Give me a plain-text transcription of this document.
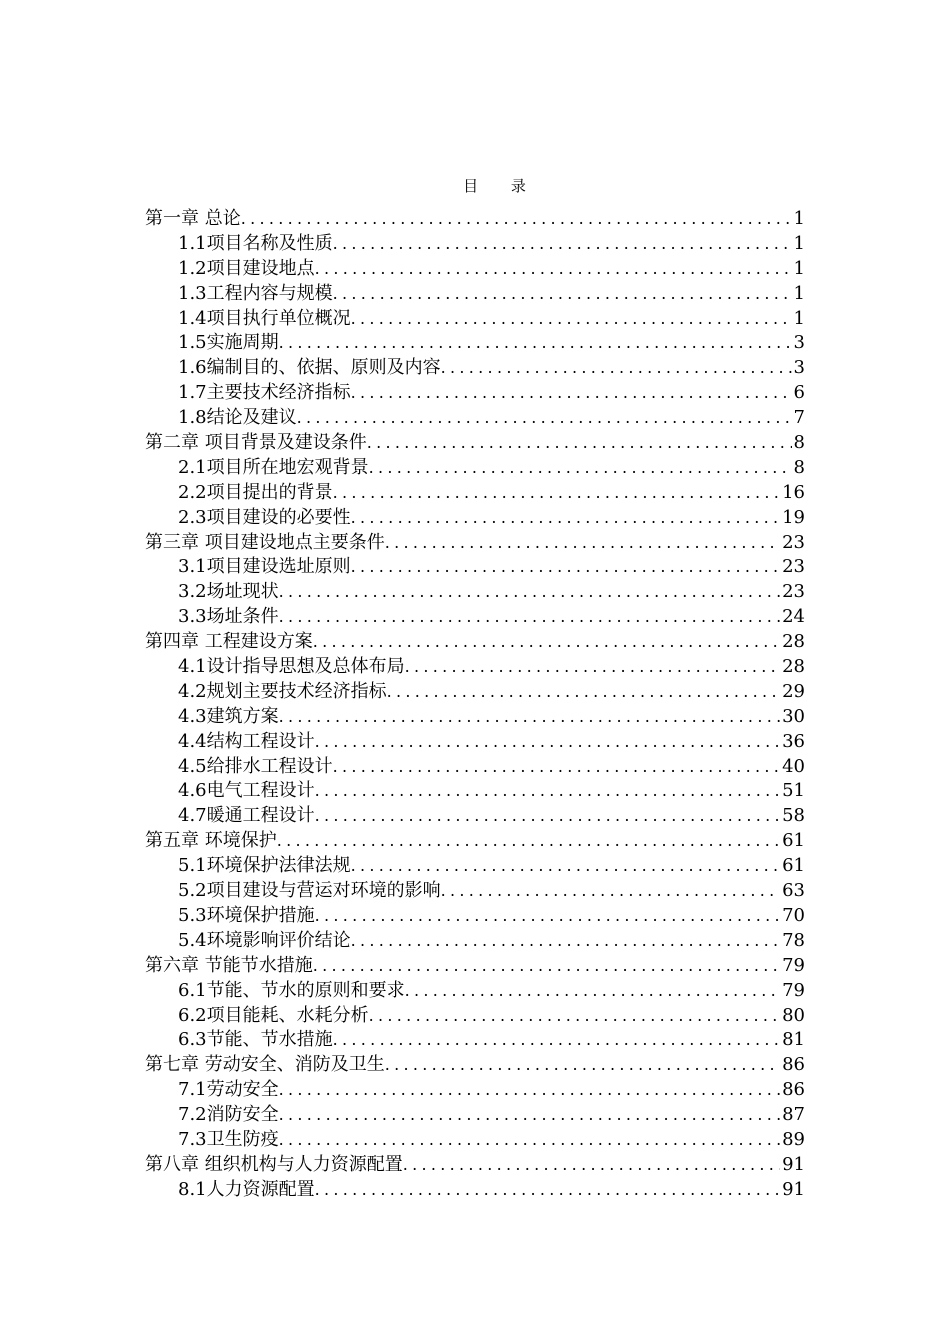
目 录
第一章 总论 .....	1
1.1项目名称及性质 .....	1
1.2项目建设地点 .....	1
1.3工程内容与规模 .....	1
1.4项目执行单位概况 .....	1
1.5实施周期 .....	3
1.6编制目的、依据、原则及内容 .....	3
1.7主要技术经济指标 .....	6
1.8结论及建议 .....	7
第二章 项目背景及建设条件 .....	8
2.1项目所在地宏观背景 .....	8
2.2项目提出的背景 .....	16
2.3项目建设的必要性 .....	19
第三章 项目建设地点主要条件 .....	23
3.1项目建设选址原则 .....	23
3.2场址现状 .....	23
3.3场址条件 .....	24
第四章 工程建设方案 .....	28
4.1设计指导思想及总体布局 .....	28
4.2规划主要技术经济指标 .....	29
4.3建筑方案 .....	30
4.4结构工程设计 .....	36
4.5给排水工程设计 .....	40
4.6电气工程设计 .....	51
4.7暖通工程设计 .....	58
第五章 环境保护 .....	61
5.1环境保护法律法规 .....	61
5.2项目建设与营运对环境的影响 .....	63
5.3环境保护措施 .....	70
5.4环境影响评价结论 .....	78
第六章 节能节水措施 .....	79
6.1节能、节水的原则和要求 .....	79
6.2项目能耗、水耗分析 .....	80
6.3节能、节水措施 .....	81
第七章 劳动安全、消防及卫生 .....	86
7.1劳动安全 .....	86
7.2消防安全 .....	87
7.3卫生防疫 .....	89
第八章 组织机构与人力资源配置 .....	91
8.1人力资源配置 .....	91
